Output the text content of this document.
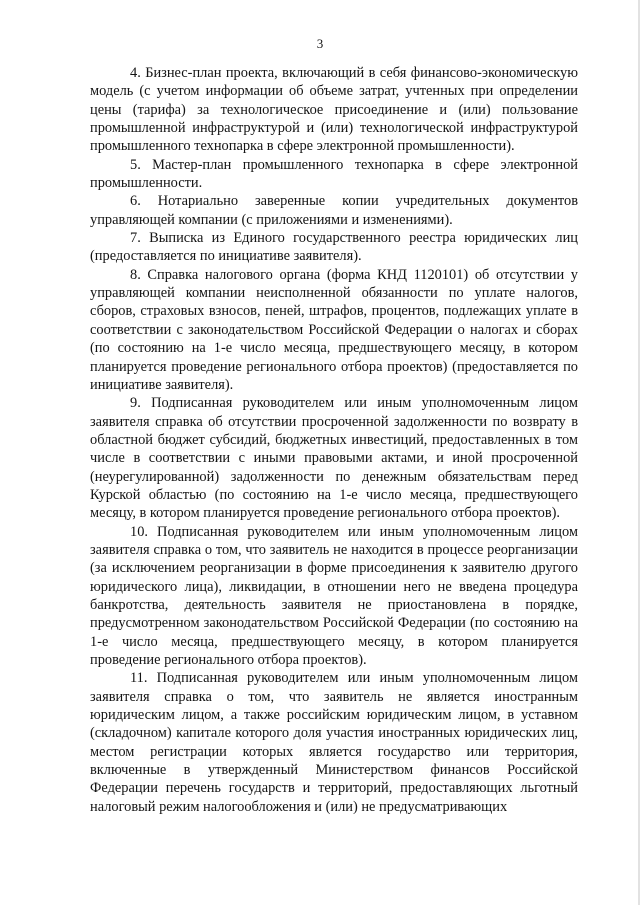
3

4. Бизнес-план проекта, включающий в себя финансово-экономическую модель (с учетом информации об объеме затрат, учтенных при определении цены (тарифа) за технологическое присоединение и (или) пользование промышленной инфраструктурой и (или) технологической инфраструктурой промышленного технопарка в сфере электронной промышленности).

5. Мастер-план промышленного технопарка в сфере электронной промышленности.

6. Нотариально заверенные копии учредительных документов управляющей компании (с приложениями и изменениями).

7. Выписка из Единого государственного реестра юридических лиц (предоставляется по инициативе заявителя).

8. Справка налогового органа (форма КНД 1120101) об отсутствии у управляющей компании неисполненной обязанности по уплате налогов, сборов, страховых взносов, пеней, штрафов, процентов, подлежащих уплате в соответствии с законодательством Российской Федерации о налогах и сборах (по состоянию на 1-е число месяца, предшествующего месяцу, в котором планируется проведение регионального отбора проектов) (предоставляется по инициативе заявителя).

9. Подписанная руководителем или иным уполномоченным лицом заявителя справка об отсутствии просроченной задолженности по возврату в областной бюджет субсидий, бюджетных инвестиций, предоставленных в том числе в соответствии с иными правовыми актами, и иной просроченной (неурегулированной) задолженности по денежным обязательствам перед Курской областью (по состоянию на 1-е число месяца, предшествующего месяцу, в котором планируется проведение регионального отбора проектов).

10. Подписанная руководителем или иным уполномоченным лицом заявителя справка о том, что заявитель не находится в процессе реорганизации (за исключением реорганизации в форме присоединения к заявителю другого юридического лица), ликвидации, в отношении него не введена процедура банкротства, деятельность заявителя не приостановлена в порядке, предусмотренном законодательством Российской Федерации (по состоянию на 1-е число месяца, предшествующего месяцу, в котором планируется проведение регионального отбора проектов).

11. Подписанная руководителем или иным уполномоченным лицом заявителя справка о том, что заявитель не является иностранным юридическим лицом, а также российским юридическим лицом, в уставном (складочном) капитале которого доля участия иностранных юридических лиц, местом регистрации которых является государство или территория, включенные в утвержденный Министерством финансов Российской Федерации перечень государств и территорий, предоставляющих льготный налоговый режим налогообложения и (или) не предусматривающих
